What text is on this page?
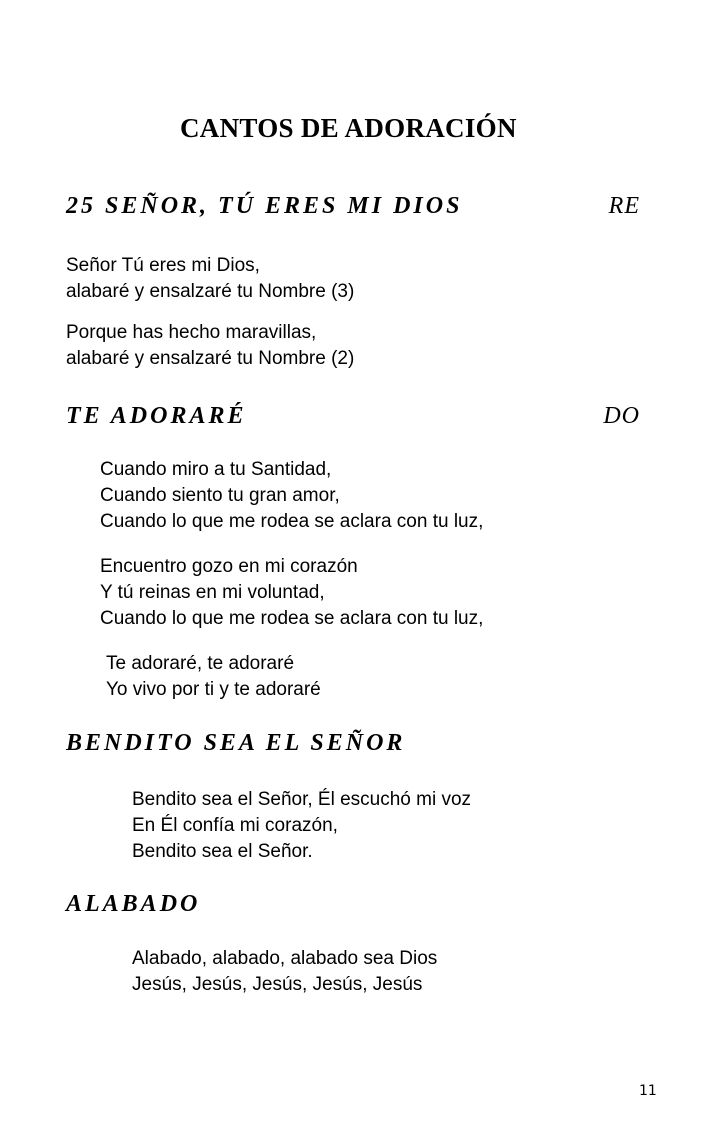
CANTOS DE ADORACIÓN
25 SEÑOR, TÚ ERES MI DIOS	RE
Señor Tú eres mi Dios,
alabaré y ensalzaré tu Nombre (3)
Porque has hecho maravillas,
alabaré y ensalzaré tu Nombre (2)
TE ADORARÉ	DO
Cuando miro a tu Santidad,
Cuando siento tu gran amor,
Cuando lo que me rodea se aclara con tu luz,
Encuentro gozo en mi corazón
Y tú reinas en mi voluntad,
Cuando lo que me rodea se aclara con tu luz,
Te adoraré, te adoraré
Yo vivo por ti y te adoraré
BENDITO SEA EL SEÑOR
Bendito sea el Señor, Él escuchó mi voz
En Él confía mi corazón,
Bendito sea el Señor.
ALABADO
Alabado, alabado, alabado sea Dios
Jesús, Jesús, Jesús, Jesús, Jesús
11
